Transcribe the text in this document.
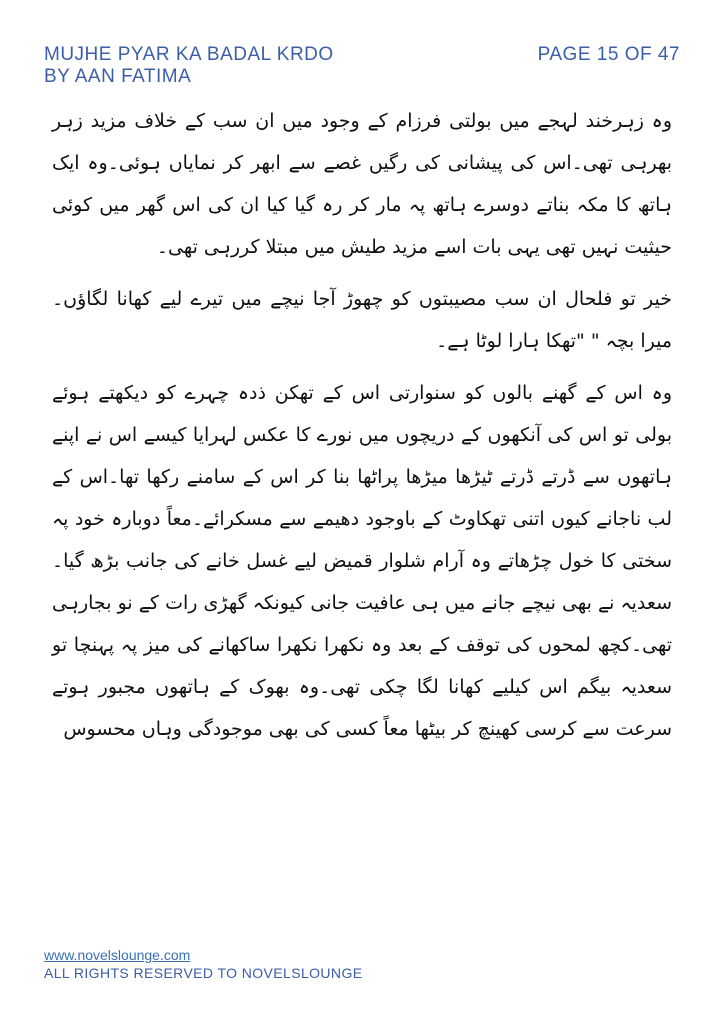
MUJHE PYAR KA BADAL KRDO
BY AAN FATIMA
PAGE 15 OF 47

وہ زہرخند لہجے میں بولتی فرزام کے وجود میں ان سب کے خلاف مزید زہر بھرہی تھی۔اس کی پیشانی کی رگیں غصے سے ابھر کر نمایاں ہوئی۔وہ ایک ہاتھ کا مکہ بناتے دوسرے ہاتھ پہ مار کر رہ گیا کیا ان کی اس گھر میں کوئی حیثیت نہیں تھی یہی بات اسے مزید طیش میں مبتلا کررہی تھی۔

خیر تو فلحال ان سب مصیبتوں کو چھوڑ آجا نیچے میں تیرے لیے کھانا لگاؤں۔میرا بچہ " "تھکا ہارا لوٹا ہے۔

وہ اس کے گھنے بالوں کو سنوارتی اس کے تھکن ذدہ چہرے کو دیکھتے ہوئے بولی تو اس کی آنکھوں کے دریچوں میں نورے کا عکس لہرایا کیسے اس نے اپنے ہاتھوں سے ڈرتے ڈرتے ٹیڑھا میڑھا پراٹھا بنا کر اس کے سامنے رکھا تھا۔اس کے لب ناجانے کیوں اتنی تھکاوٹ کے باوجود دھیمے سے مسکرائے۔معاً دوبارہ خود پہ سختی کا خول چڑھاتے وہ آرام شلوار قمیض لیے غسل خانے کی جانب بڑھ گیا۔سعدیہ نے بھی نیچے جانے میں ہی عافیت جانی کیونکہ گھڑی رات کے نو بجارہی تھی۔کچھ لمحوں کی توقف کے بعد وہ نکھرا نکھرا ساکھانے کی میز پہ پہنچا تو سعدیہ بیگم اس کیلیے کھانا لگا چکی تھی۔وہ بھوک کے ہاتھوں مجبور ہوتے سرعت سے کرسی کھینچ کر بیٹھا معاً کسی کی بھی موجودگی وہاں محسوس

www.novelslounge.com
ALL RIGHTS RESERVED TO NOVELSLOUNGE
